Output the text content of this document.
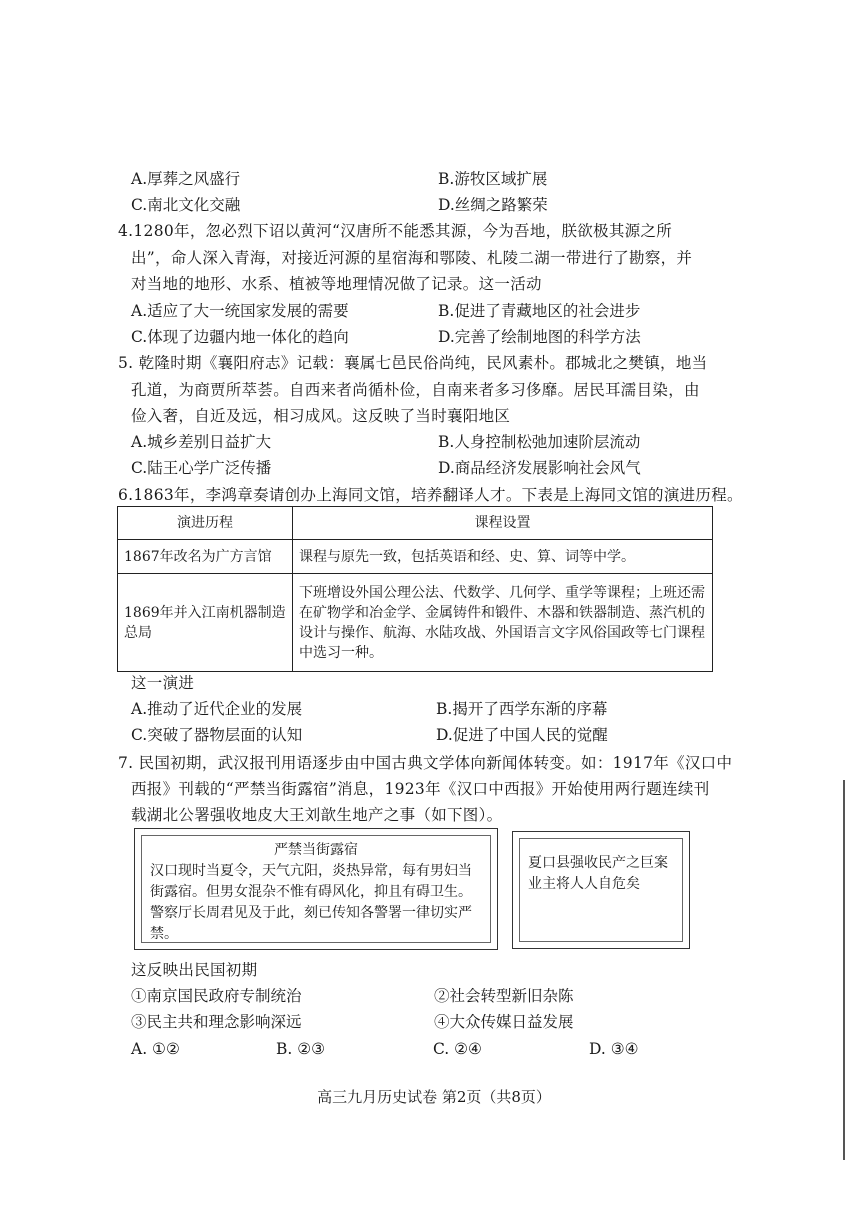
A.厚葬之风盛行	B.游牧区域扩展
C.南北文化交融	D.丝绸之路繁荣
4.1280年，忽必烈下诏以黄河“汉唐所不能悉其源，今为吾地，朕欲极其源之所
出”，命人深入青海，对接近河源的星宿海和鄂陵、札陵二湖一带进行了勘察，并
对当地的地形、水系、植被等地理情况做了记录。这一活动
A.适应了大一统国家发展的需要	B.促进了青藏地区的社会进步
C.体现了边疆内地一体化的趋向	D.完善了绘制地图的科学方法
5. 乾隆时期《襄阳府志》记载：襄属七邑民俗尚纯，民风素朴。郡城北之樊镇，地当
孔道，为商贾所萃荟。自西来者尚循朴俭，自南来者多习侈靡。居民耳濡目染，由
俭入奢，自近及远，相习成风。这反映了当时襄阳地区
A.城乡差别日益扩大	B.人身控制松弛加速阶层流动
C.陆王心学广泛传播	D.商品经济发展影响社会风气
6.1863年，李鸿章奏请创办上海同文馆，培养翻译人才。下表是上海同文馆的演进历程。
演进历程	课程设置
1867年改名为广方言馆	课程与原先一致，包括英语和经、史、算、词等中学。
1869年并入江南机器制造总局	下班增设外国公理公法、代数学、几何学、重学等课程；上班还需在矿物学和冶金学、金属铸件和锻件、木器和铁器制造、蒸汽机的设计与操作、航海、水陆攻战、外国语言文字风俗国政等七门课程中选习一种。
这一演进
A.推动了近代企业的发展	B.揭开了西学东渐的序幕
C.突破了器物层面的认知	D.促进了中国人民的觉醒
7. 民国初期，武汉报刊用语逐步由中国古典文学体向新闻体转变。如：1917年《汉口中
西报》刊载的“严禁当街露宿”消息，1923年《汉口中西报》开始使用两行题连续刊
载湖北公署强收地皮大王刘歆生地产之事（如下图）。
严禁当街露宿
汉口现时当夏令，天气亢阳，炎热异常，每有男妇当街露宿。但男女混杂不惟有碍风化，抑且有碍卫生。警察厅长周君见及于此，刻已传知各警署一律切实严禁。
夏口县强收民产之巨案业主将人人自危矣
这反映出民国初期
①南京国民政府专制统治	②社会转型新旧杂陈
③民主共和理念影响深远	④大众传媒日益发展
A. ①②	B. ②③	C. ②④	D. ③④
高三九月历史试卷 第2页（共8页）
